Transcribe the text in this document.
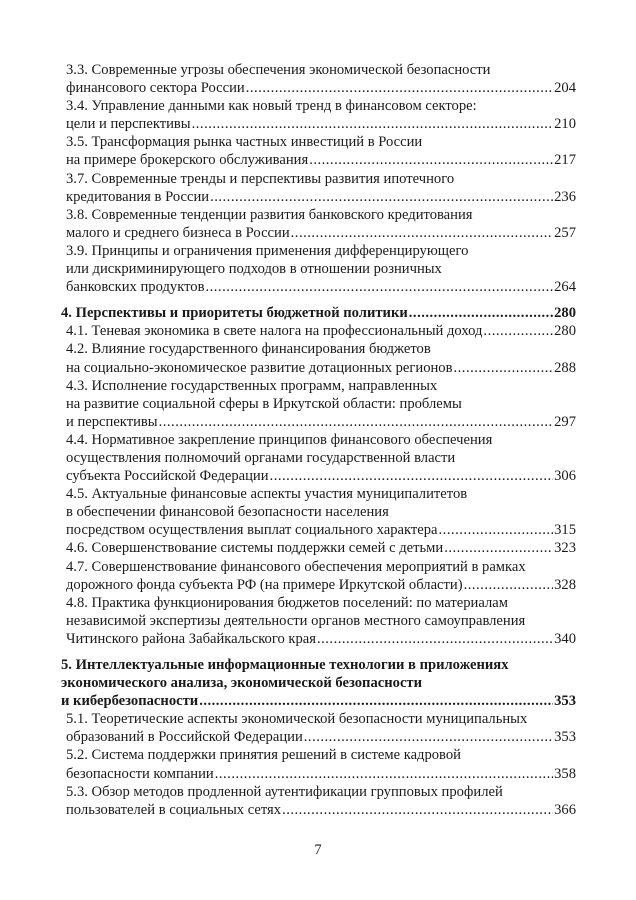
3.3. Современные угрозы обеспечения экономической безопасности
финансового сектора России .....	204
3.4. Управление данными как новый тренд в финансовом секторе:
цели и перспективы .....	210
3.5. Трансформация рынка частных инвестиций в России
на примере брокерского обслуживания .....	217
3.7. Современные тренды и перспективы развития ипотечного
кредитования в России .....	236
3.8. Современные тенденции развития банковского кредитования
малого и среднего бизнеса в России .....	257
3.9. Принципы и ограничения применения дифференцирующего
или дискриминирующего подходов в отношении розничных
банковских продуктов .....	264
4. Перспективы и приоритеты бюджетной политики .....	280
4.1. Теневая экономика в свете налога на профессиональный доход .....	280
4.2. Влияние государственного финансирования бюджетов
на социально-экономическое развитие дотационных регионов .....	288
4.3. Исполнение государственных программ, направленных
на развитие социальной сферы в Иркутской области: проблемы
и перспективы .....	297
4.4. Нормативное закрепление принципов финансового обеспечения
осуществления полномочий органами государственной власти
субъекта Российской Федерации .....	306
4.5. Актуальные финансовые аспекты участия муниципалитетов
в обеспечении финансовой безопасности населения
посредством осуществления выплат социального характера .....	315
4.6. Совершенствование системы поддержки семей с детьми .....	323
4.7. Совершенствование финансового обеспечения мероприятий в рамках
дорожного фонда субъекта РФ (на примере Иркутской области) .....	328
4.8. Практика функционирования бюджетов поселений: по материалам
независимой экспертизы деятельности органов местного самоуправления
Читинского района Забайкальского края .....	340
5. Интеллектуальные информационные технологии в приложениях
экономического анализа, экономической безопасности
и кибербезопасности .....	353
5.1. Теоретические аспекты экономической безопасности муниципальных
образований в Российской Федерации .....	353
5.2. Система поддержки принятия решений в системе кадровой
безопасности компании .....	358
5.3. Обзор методов продленной аутентификации групповых профилей
пользователей в социальных сетях .....	366
7
